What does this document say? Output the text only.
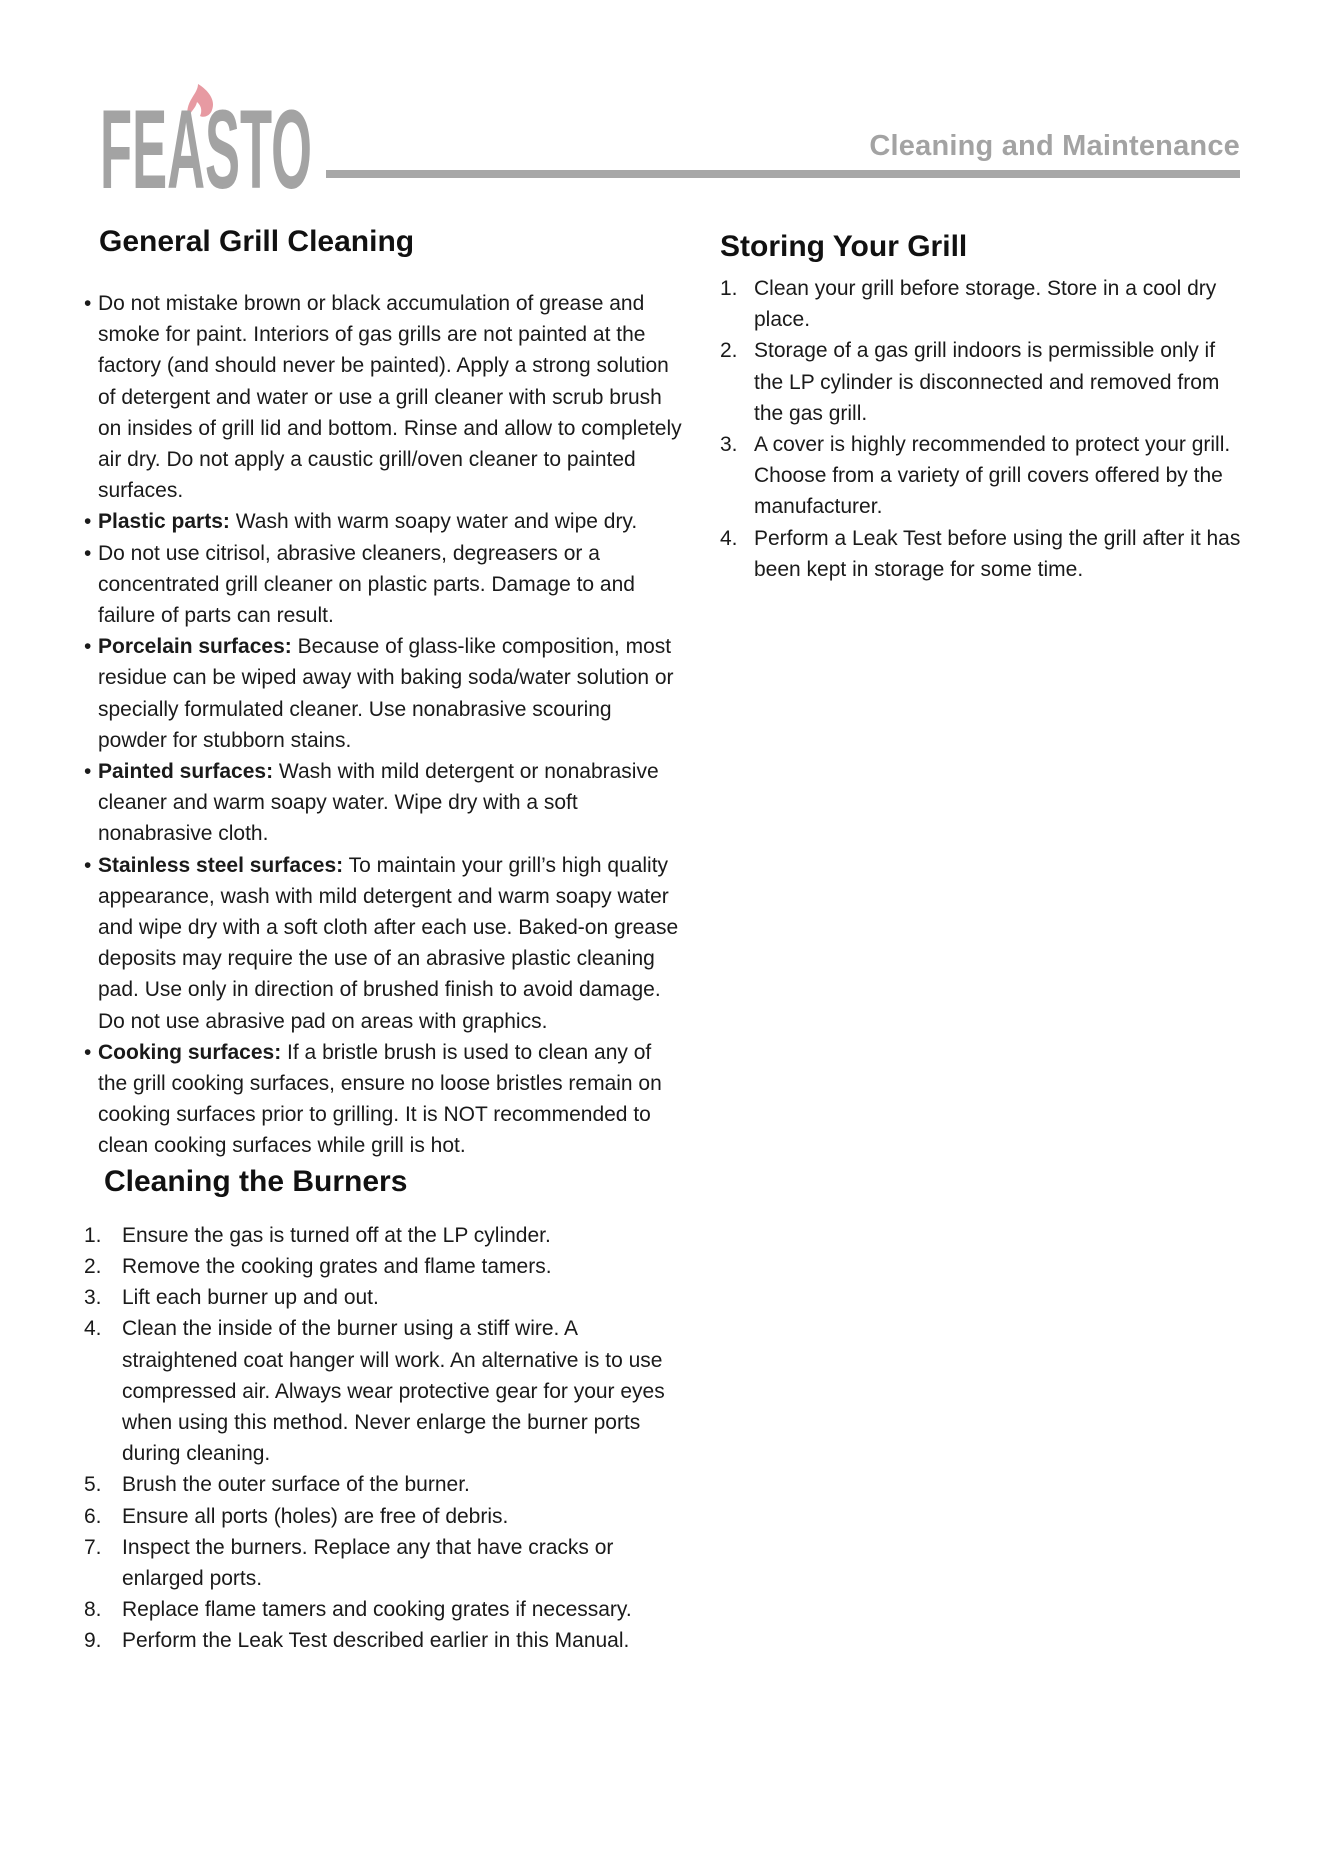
FEASTO	Cleaning and Maintenance
General Grill Cleaning
• Do not mistake brown or black accumulation of grease and smoke for paint. Interiors of gas grills are not painted at the factory (and should never be painted). Apply a strong solution of detergent and water or use a grill cleaner with scrub brush on insides of grill lid and bottom. Rinse and allow to completely air dry. Do not apply a caustic grill/oven cleaner to painted surfaces.
• Plastic parts: Wash with warm soapy water and wipe dry.
• Do not use citrisol, abrasive cleaners, degreasers or a concentrated grill cleaner on plastic parts. Damage to and failure of parts can result.
• Porcelain surfaces: Because of glass-like composition, most residue can be wiped away with baking soda/water solution or specially formulated cleaner. Use nonabrasive scouring powder for stubborn stains.
• Painted surfaces: Wash with mild detergent or nonabrasive cleaner and warm soapy water. Wipe dry with a soft nonabrasive cloth.
• Stainless steel surfaces: To maintain your grill’s high quality appearance, wash with mild detergent and warm soapy water and wipe dry with a soft cloth after each use. Baked-on grease deposits may require the use of an abrasive plastic cleaning pad. Use only in direction of brushed finish to avoid damage. Do not use abrasive pad on areas with graphics.
• Cooking surfaces: If a bristle brush is used to clean any of the grill cooking surfaces, ensure no loose bristles remain on cooking surfaces prior to grilling. It is NOT recommended to clean cooking surfaces while grill is hot.
Cleaning the Burners
1. Ensure the gas is turned off at the LP cylinder.
2. Remove the cooking grates and flame tamers.
3. Lift each burner up and out.
4. Clean the inside of the burner using a stiff wire. A straightened coat hanger will work. An alternative is to use compressed air. Always wear protective gear for your eyes when using this method. Never enlarge the burner ports during cleaning.
5. Brush the outer surface of the burner.
6. Ensure all ports (holes) are free of debris.
7. Inspect the burners. Replace any that have cracks or enlarged ports.
8. Replace flame tamers and cooking grates if necessary.
9. Perform the Leak Test described earlier in this Manual.
Storing Your Grill
1. Clean your grill before storage. Store in a cool dry place.
2. Storage of a gas grill indoors is permissible only if the LP cylinder is disconnected and removed from the gas grill.
3. A cover is highly recommended to protect your grill. Choose from a variety of grill covers offered by the manufacturer.
4. Perform a Leak Test before using the grill after it has been kept in storage for some time.
